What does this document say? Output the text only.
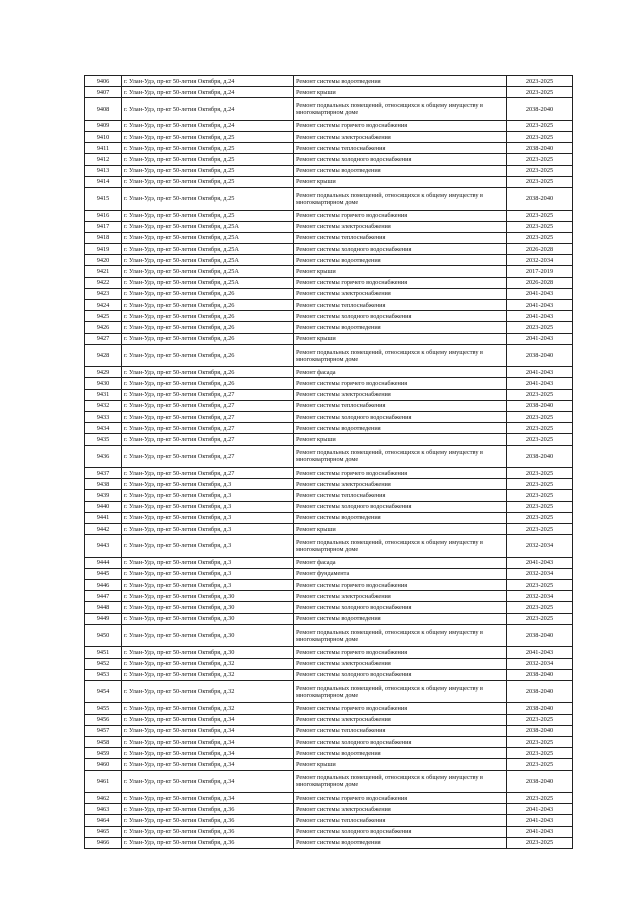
9406	г. Улан-Удэ, пр-кт 50-летия Октября, д.24	Ремонт системы водоотведения	2023-2025
9407	г. Улан-Удэ, пр-кт 50-летия Октября, д.24	Ремонт крыши	2023-2025
9408	г. Улан-Удэ, пр-кт 50-летия Октября, д.24	Ремонт подвальных помещений, относящихся к общему имуществу в многоквартирном доме	2038-2040
9409	г. Улан-Удэ, пр-кт 50-летия Октября, д.24	Ремонт системы горячего водоснабжения	2023-2025
9410	г. Улан-Удэ, пр-кт 50-летия Октября, д.25	Ремонт системы электроснабжения	2023-2025
9411	г. Улан-Удэ, пр-кт 50-летия Октября, д.25	Ремонт системы теплоснабжения	2038-2040
9412	г. Улан-Удэ, пр-кт 50-летия Октября, д.25	Ремонт системы холодного водоснабжения	2023-2025
9413	г. Улан-Удэ, пр-кт 50-летия Октября, д.25	Ремонт системы водоотведения	2023-2025
9414	г. Улан-Удэ, пр-кт 50-летия Октября, д.25	Ремонт крыши	2023-2025
9415	г. Улан-Удэ, пр-кт 50-летия Октября, д.25	Ремонт подвальных помещений, относящихся к общему имуществу в многоквартирном доме	2038-2040
9416	г. Улан-Удэ, пр-кт 50-летия Октября, д.25	Ремонт системы горячего водоснабжения	2023-2025
9417	г. Улан-Удэ, пр-кт 50-летия Октября, д.25А	Ремонт системы электроснабжения	2023-2025
9418	г. Улан-Удэ, пр-кт 50-летия Октября, д.25А	Ремонт системы теплоснабжения	2023-2025
9419	г. Улан-Удэ, пр-кт 50-летия Октября, д.25А	Ремонт системы холодного водоснабжения	2026-2028
9420	г. Улан-Удэ, пр-кт 50-летия Октября, д.25А	Ремонт системы водоотведения	2032-2034
9421	г. Улан-Удэ, пр-кт 50-летия Октября, д.25А	Ремонт крыши	2017-2019
9422	г. Улан-Удэ, пр-кт 50-летия Октября, д.25А	Ремонт системы горячего водоснабжения	2026-2028
9423	г. Улан-Удэ, пр-кт 50-летия Октября, д.26	Ремонт системы электроснабжения	2041-2043
9424	г. Улан-Удэ, пр-кт 50-летия Октября, д.26	Ремонт системы теплоснабжения	2041-2043
9425	г. Улан-Удэ, пр-кт 50-летия Октября, д.26	Ремонт системы холодного водоснабжения	2041-2043
9426	г. Улан-Удэ, пр-кт 50-летия Октября, д.26	Ремонт системы водоотведения	2023-2025
9427	г. Улан-Удэ, пр-кт 50-летия Октября, д.26	Ремонт крыши	2041-2043
9428	г. Улан-Удэ, пр-кт 50-летия Октября, д.26	Ремонт подвальных помещений, относящихся к общему имуществу в многоквартирном доме	2038-2040
9429	г. Улан-Удэ, пр-кт 50-летия Октября, д.26	Ремонт фасада	2041-2043
9430	г. Улан-Удэ, пр-кт 50-летия Октября, д.26	Ремонт системы горячего водоснабжения	2041-2043
9431	г. Улан-Удэ, пр-кт 50-летия Октября, д.27	Ремонт системы электроснабжения	2023-2025
9432	г. Улан-Удэ, пр-кт 50-летия Октября, д.27	Ремонт системы теплоснабжения	2038-2040
9433	г. Улан-Удэ, пр-кт 50-летия Октября, д.27	Ремонт системы холодного водоснабжения	2023-2025
9434	г. Улан-Удэ, пр-кт 50-летия Октября, д.27	Ремонт системы водоотведения	2023-2025
9435	г. Улан-Удэ, пр-кт 50-летия Октября, д.27	Ремонт крыши	2023-2025
9436	г. Улан-Удэ, пр-кт 50-летия Октября, д.27	Ремонт подвальных помещений, относящихся к общему имуществу в многоквартирном доме	2038-2040
9437	г. Улан-Удэ, пр-кт 50-летия Октября, д.27	Ремонт системы горячего водоснабжения	2023-2025
9438	г. Улан-Удэ, пр-кт 50-летия Октября, д.3	Ремонт системы электроснабжения	2023-2025
9439	г. Улан-Удэ, пр-кт 50-летия Октября, д.3	Ремонт системы теплоснабжения	2023-2025
9440	г. Улан-Удэ, пр-кт 50-летия Октября, д.3	Ремонт системы холодного водоснабжения	2023-2025
9441	г. Улан-Удэ, пр-кт 50-летия Октября, д.3	Ремонт системы водоотведения	2023-2025
9442	г. Улан-Удэ, пр-кт 50-летия Октября, д.3	Ремонт крыши	2023-2025
9443	г. Улан-Удэ, пр-кт 50-летия Октября, д.3	Ремонт подвальных помещений, относящихся к общему имуществу в многоквартирном доме	2032-2034
9444	г. Улан-Удэ, пр-кт 50-летия Октября, д.3	Ремонт фасада	2041-2043
9445	г. Улан-Удэ, пр-кт 50-летия Октября, д.3	Ремонт фундамента	2032-2034
9446	г. Улан-Удэ, пр-кт 50-летия Октября, д.3	Ремонт системы горячего водоснабжения	2023-2025
9447	г. Улан-Удэ, пр-кт 50-летия Октября, д.30	Ремонт системы электроснабжения	2032-2034
9448	г. Улан-Удэ, пр-кт 50-летия Октября, д.30	Ремонт системы холодного водоснабжения	2023-2025
9449	г. Улан-Удэ, пр-кт 50-летия Октября, д.30	Ремонт системы водоотведения	2023-2025
9450	г. Улан-Удэ, пр-кт 50-летия Октября, д.30	Ремонт подвальных помещений, относящихся к общему имуществу в многоквартирном доме	2038-2040
9451	г. Улан-Удэ, пр-кт 50-летия Октября, д.30	Ремонт системы горячего водоснабжения	2041-2043
9452	г. Улан-Удэ, пр-кт 50-летия Октября, д.32	Ремонт системы электроснабжения	2032-2034
9453	г. Улан-Удэ, пр-кт 50-летия Октября, д.32	Ремонт системы холодного водоснабжения	2038-2040
9454	г. Улан-Удэ, пр-кт 50-летия Октября, д.32	Ремонт подвальных помещений, относящихся к общему имуществу в многоквартирном доме	2038-2040
9455	г. Улан-Удэ, пр-кт 50-летия Октября, д.32	Ремонт системы горячего водоснабжения	2038-2040
9456	г. Улан-Удэ, пр-кт 50-летия Октября, д.34	Ремонт системы электроснабжения	2023-2025
9457	г. Улан-Удэ, пр-кт 50-летия Октября, д.34	Ремонт системы теплоснабжения	2038-2040
9458	г. Улан-Удэ, пр-кт 50-летия Октября, д.34	Ремонт системы холодного водоснабжения	2023-2025
9459	г. Улан-Удэ, пр-кт 50-летия Октября, д.34	Ремонт системы водоотведения	2023-2025
9460	г. Улан-Удэ, пр-кт 50-летия Октября, д.34	Ремонт крыши	2023-2025
9461	г. Улан-Удэ, пр-кт 50-летия Октября, д.34	Ремонт подвальных помещений, относящихся к общему имуществу в многоквартирном доме	2038-2040
9462	г. Улан-Удэ, пр-кт 50-летия Октября, д.34	Ремонт системы горячего водоснабжения	2023-2025
9463	г. Улан-Удэ, пр-кт 50-летия Октября, д.36	Ремонт системы электроснабжения	2041-2043
9464	г. Улан-Удэ, пр-кт 50-летия Октября, д.36	Ремонт системы теплоснабжения	2041-2043
9465	г. Улан-Удэ, пр-кт 50-летия Октября, д.36	Ремонт системы холодного водоснабжения	2041-2043
9466	г. Улан-Удэ, пр-кт 50-летия Октября, д.36	Ремонт системы водоотведения	2023-2025
